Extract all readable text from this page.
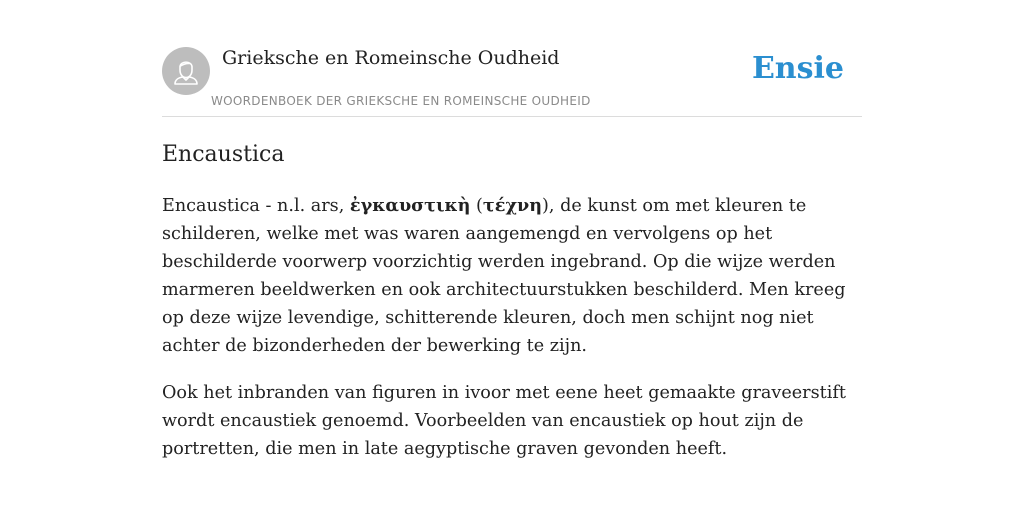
Grieksche en Romeinsche Oudheid
WOORDENBOEK DER GRIEKSCHE EN ROMEINSCHE OUDHEID
Ensie
Encaustica

Encaustica - n.l. ars, ἐγκαυστικὴ (τέχνη), de kunst om met kleuren te schilderen, welke met was waren aangemengd en vervolgens op het beschilderde voorwerp voorzichtig werden ingebrand. Op die wijze werden marmeren beeldwerken en ook architectuurstukken beschilderd. Men kreeg op deze wijze levendige, schitterende kleuren, doch men schijnt nog niet achter de bizonderheden der bewerking te zijn.

Ook het inbranden van figuren in ivoor met eene heet gemaakte graveerstift wordt encaustiek genoemd. Voorbeelden van encaustiek op hout zijn de portretten, die men in late aegyptische graven gevonden heeft.
